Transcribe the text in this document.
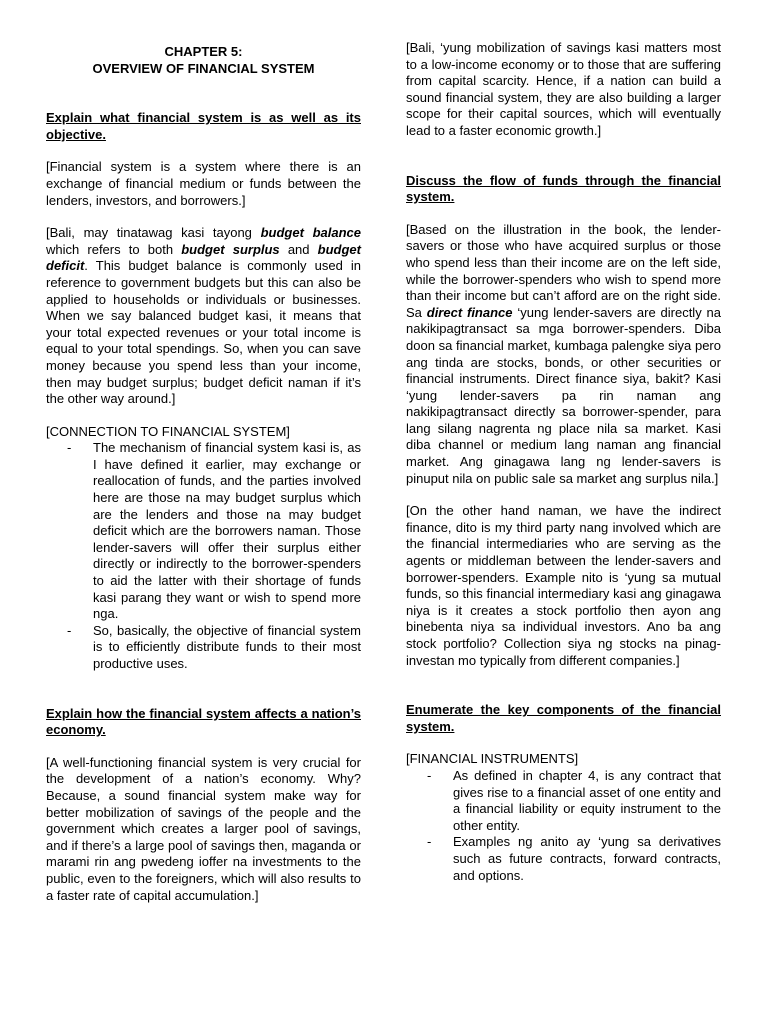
CHAPTER 5:

OVERVIEW OF FINANCIAL SYSTEM

Explain what financial system is as well as its objective.

[Financial system is a system where there is an exchange of financial medium or funds between the lenders, investors, and borrowers.]

[Bali, may tinatawag kasi tayong budget balance which refers to both budget surplus and budget deficit. This budget balance is commonly used in reference to government budgets but this can also be applied to households or individuals or businesses. When we say balanced budget kasi, it means that your total expected revenues or your total income is equal to your total spendings. So, when you can save money because you spend less than your income, then may budget surplus; budget deficit naman if it’s the other way around.]

[CONNECTION TO FINANCIAL SYSTEM]

- The mechanism of financial system kasi is, as I have defined it earlier, may exchange or reallocation of funds, and the parties involved here are those na may budget surplus which are the lenders and those na may budget deficit which are the borrowers naman. Those lender-savers will offer their surplus either directly or indirectly to the borrower-spenders to aid the latter with their shortage of funds kasi parang they want or wish to spend more nga.
- So, basically, the objective of financial system is to efficiently distribute funds to their most productive uses.

Explain how the financial system affects a nation’s economy.

[A well-functioning financial system is very crucial for the development of a nation’s economy. Why? Because, a sound financial system make way for better mobilization of savings of the people and the government which creates a larger pool of savings, and if there’s a large pool of savings then, maganda or marami rin ang pwedeng ioffer na investments to the public, even to the foreigners, which will also results to a faster rate of capital accumulation.]

[Bali, ‘yung mobilization of savings kasi matters most to a low-income economy or to those that are suffering from capital scarcity. Hence, if a nation can build a sound financial system, they are also building a larger scope for their capital sources, which will eventually lead to a faster economic growth.]

Discuss the flow of funds through the financial system.

[Based on the illustration in the book, the lender-savers or those who have acquired surplus or those who spend less than their income are on the left side, while the borrower-spenders who wish to spend more than their income but can’t afford are on the right side. Sa direct finance ‘yung lender-savers are directly na nakikipagtransact sa mga borrower-spenders. Diba doon sa financial market, kumbaga palengke siya pero ang tinda are stocks, bonds, or other securities or financial instruments. Direct finance siya, bakit? Kasi ‘yung lender-savers pa rin naman ang nakikipagtransact directly sa borrower-spender, para lang silang nagrenta ng place nila sa market. Kasi diba channel or medium lang naman ang financial market. Ang ginagawa lang ng lender-savers is pinuput nila on public sale sa market ang surplus nila.]

[On the other hand naman, we have the indirect finance, dito is my third party nang involved which are the financial intermediaries who are serving as the agents or middleman between the lender-savers and borrower-spenders. Example nito is ‘yung sa mutual funds, so this financial intermediary kasi ang ginagawa niya is it creates a stock portfolio then ayon ang binebenta niya sa individual investors. Ano ba ang stock portfolio? Collection siya ng stocks na pinag-investan mo typically from different companies.]

Enumerate the key components of the financial system.

[FINANCIAL INSTRUMENTS]

- As defined in chapter 4, is any contract that gives rise to a financial asset of one entity and a financial liability or equity instrument to the other entity.
- Examples ng anito ay ‘yung sa derivatives such as future contracts, forward contracts, and options.
